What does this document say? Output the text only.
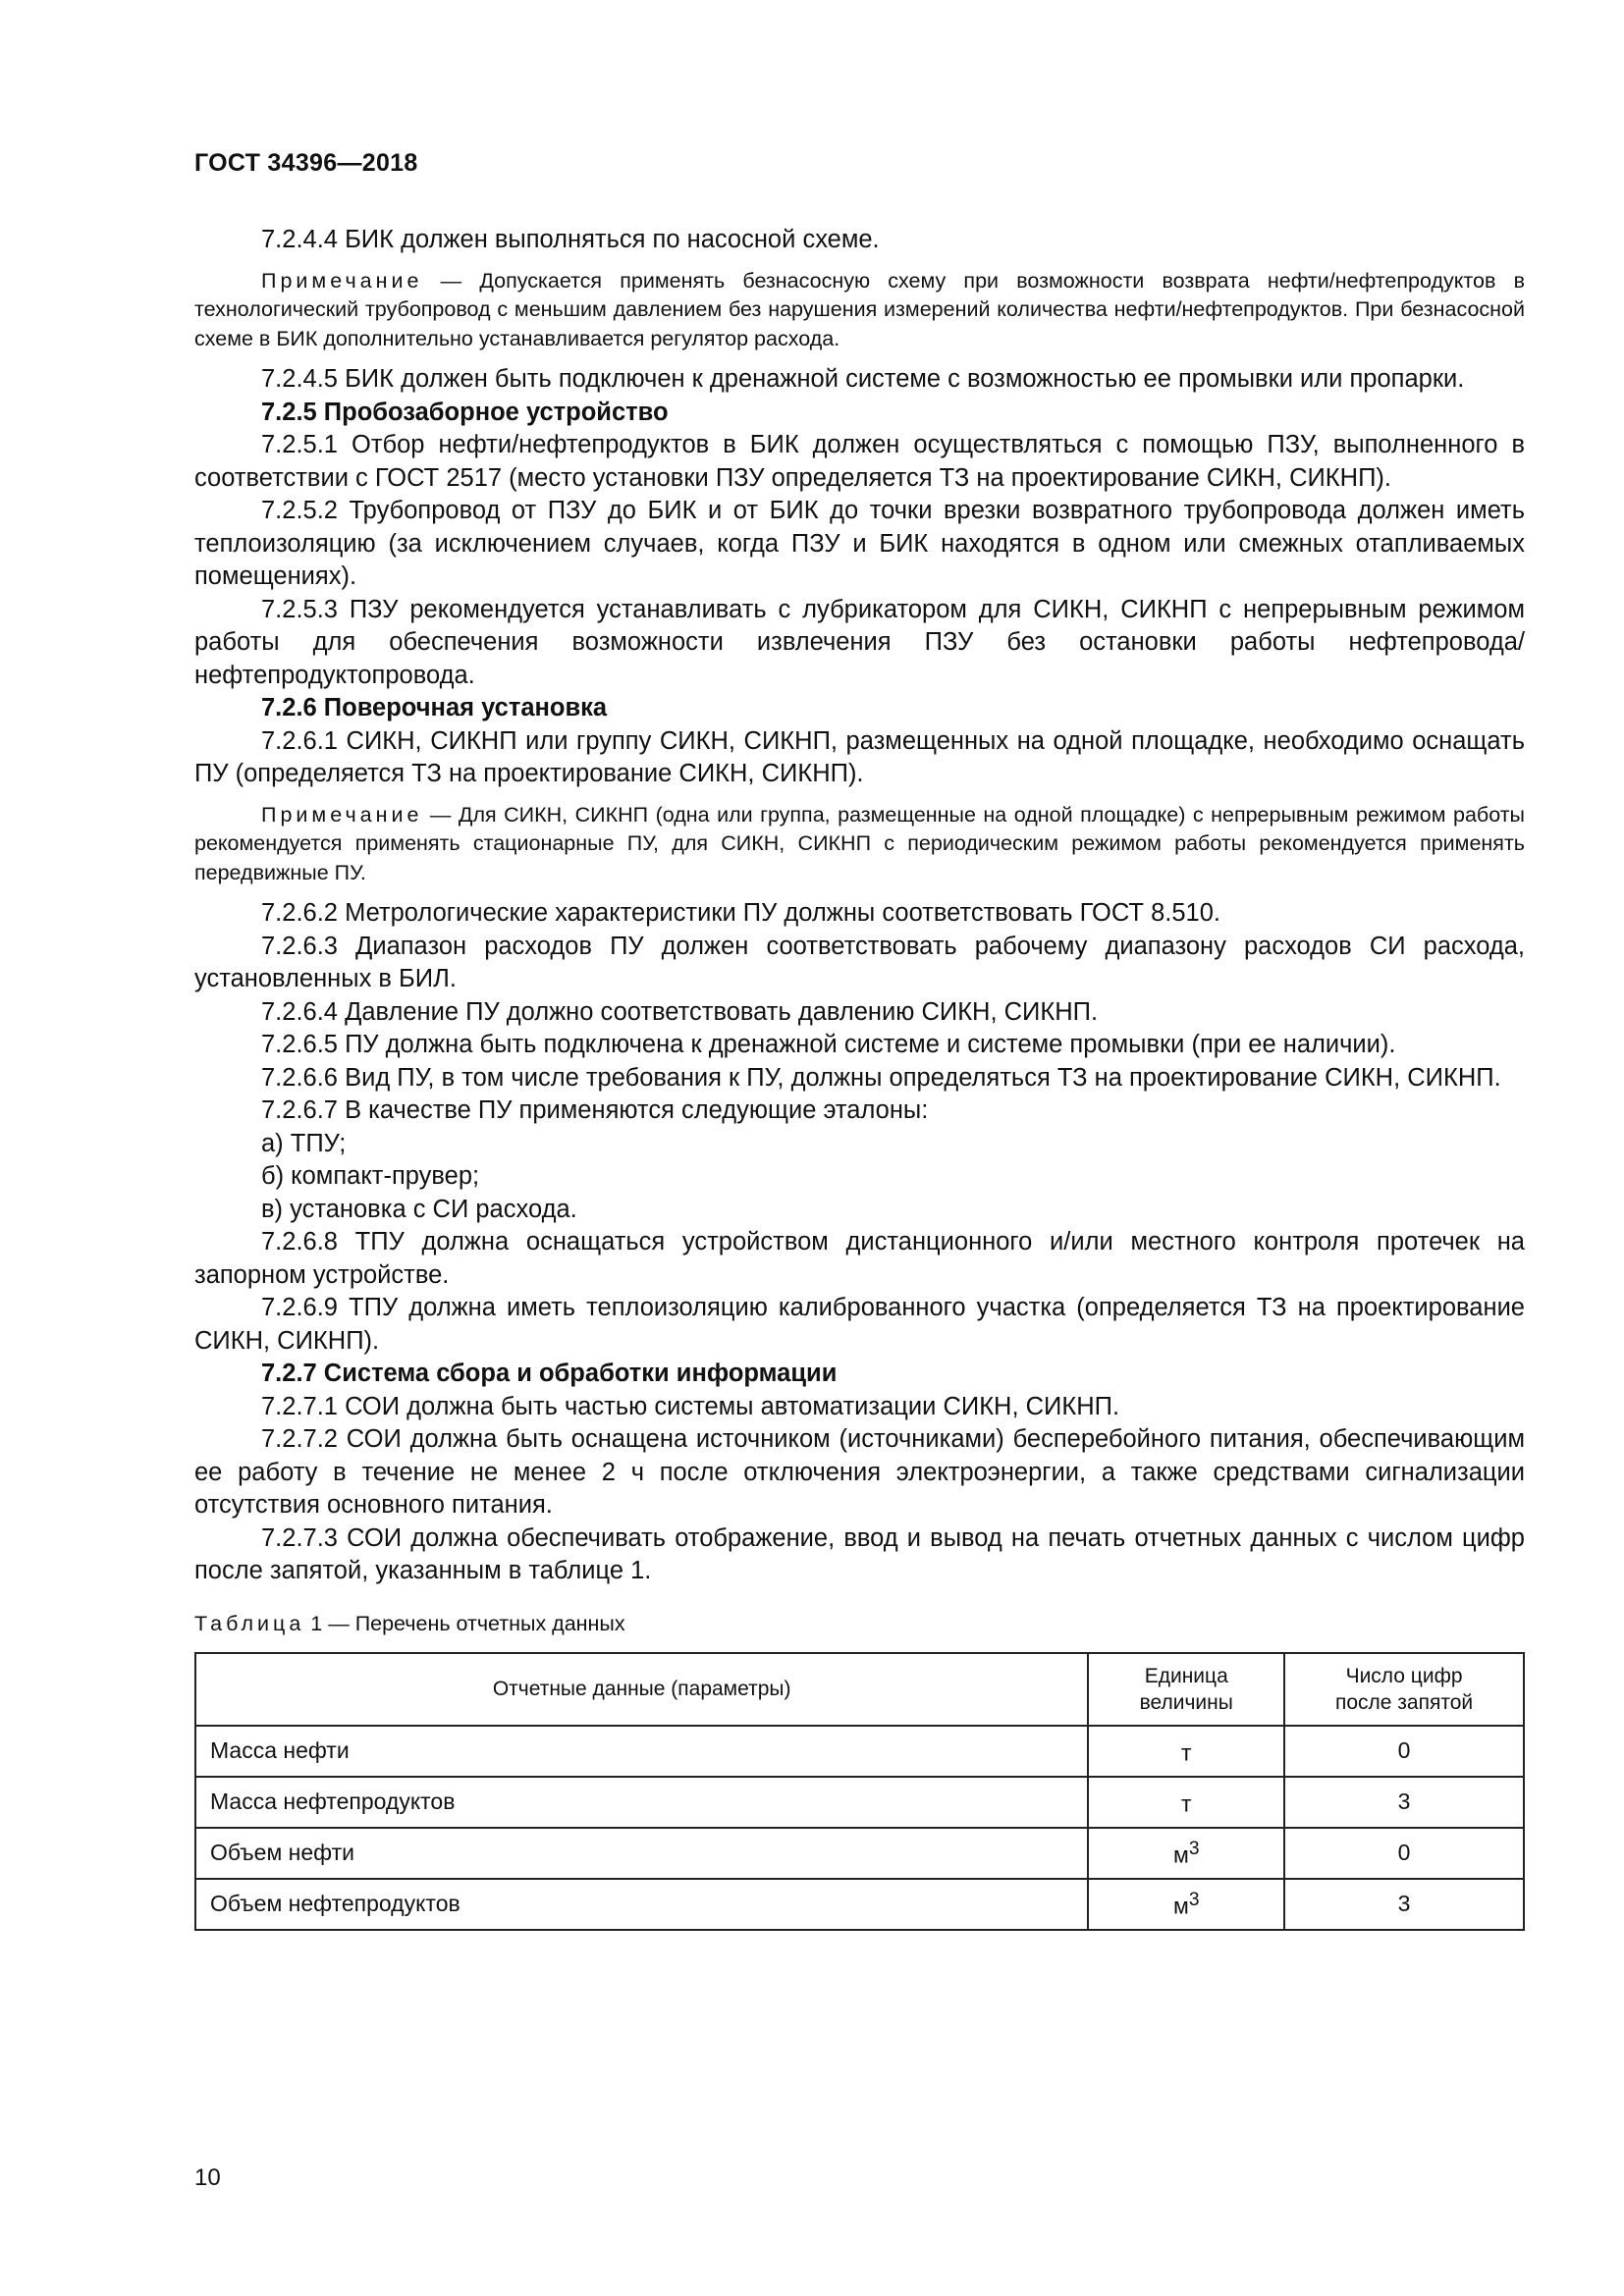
ГОСТ 34396—2018

7.2.4.4 БИК должен выполняться по насосной схеме.

Примечание — Допускается применять безнасосную схему при возможности возврата нефти/нефтепродуктов в технологический трубопровод с меньшим давлением без нарушения измерений количества нефти/нефтепродуктов. При безнасосной схеме в БИК дополнительно устанавливается регулятор расхода.

7.2.4.5 БИК должен быть подключен к дренажной системе с возможностью ее промывки или пропарки.

7.2.5 Пробозаборное устройство

7.2.5.1 Отбор нефти/нефтепродуктов в БИК должен осуществляться с помощью ПЗУ, выполненного в соответствии с ГОСТ 2517 (место установки ПЗУ определяется ТЗ на проектирование СИКН, СИКНП).

7.2.5.2 Трубопровод от ПЗУ до БИК и от БИК до точки врезки возвратного трубопровода должен иметь теплоизоляцию (за исключением случаев, когда ПЗУ и БИК находятся в одном или смежных отапливаемых помещениях).

7.2.5.3 ПЗУ рекомендуется устанавливать с лубрикатором для СИКН, СИКНП с непрерывным режимом работы для обеспечения возможности извлечения ПЗУ без остановки работы нефтепровода/нефтепродуктопровода.

7.2.6 Поверочная установка

7.2.6.1 СИКН, СИКНП или группу СИКН, СИКНП, размещенных на одной площадке, необходимо оснащать ПУ (определяется ТЗ на проектирование СИКН, СИКНП).

Примечание — Для СИКН, СИКНП (одна или группа, размещенные на одной площадке) с непрерывным режимом работы рекомендуется применять стационарные ПУ, для СИКН, СИКНП с периодическим режимом работы рекомендуется применять передвижные ПУ.

7.2.6.2 Метрологические характеристики ПУ должны соответствовать ГОСТ 8.510.

7.2.6.3 Диапазон расходов ПУ должен соответствовать рабочему диапазону расходов СИ расхода, установленных в БИЛ.

7.2.6.4 Давление ПУ должно соответствовать давлению СИКН, СИКНП.

7.2.6.5 ПУ должна быть подключена к дренажной системе и системе промывки (при ее наличии).

7.2.6.6 Вид ПУ, в том числе требования к ПУ, должны определяться ТЗ на проектирование СИКН, СИКНП.

7.2.6.7 В качестве ПУ применяются следующие эталоны:

а) ТПУ;

б) компакт-прувер;

в) установка с СИ расхода.

7.2.6.8 ТПУ должна оснащаться устройством дистанционного и/или местного контроля протечек на запорном устройстве.

7.2.6.9 ТПУ должна иметь теплоизоляцию калиброванного участка (определяется ТЗ на проектирование СИКН, СИКНП).

7.2.7 Система сбора и обработки информации

7.2.7.1 СОИ должна быть частью системы автоматизации СИКН, СИКНП.

7.2.7.2 СОИ должна быть оснащена источником (источниками) бесперебойного питания, обеспечивающим ее работу в течение не менее 2 ч после отключения электроэнергии, а также средствами сигнализации отсутствия основного питания.

7.2.7.3 СОИ должна обеспечивать отображение, ввод и вывод на печать отчетных данных с числом цифр после запятой, указанным в таблице 1.

Таблица 1 — Перечень отчетных данных
Отчетные данные (параметры)	Единица величины	Число цифр после запятой
Масса нефти	т	0
Масса нефтепродуктов	т	3
Объем нефти	$м^3$	0
Объем нефтепродуктов	$м^3$	3
10
